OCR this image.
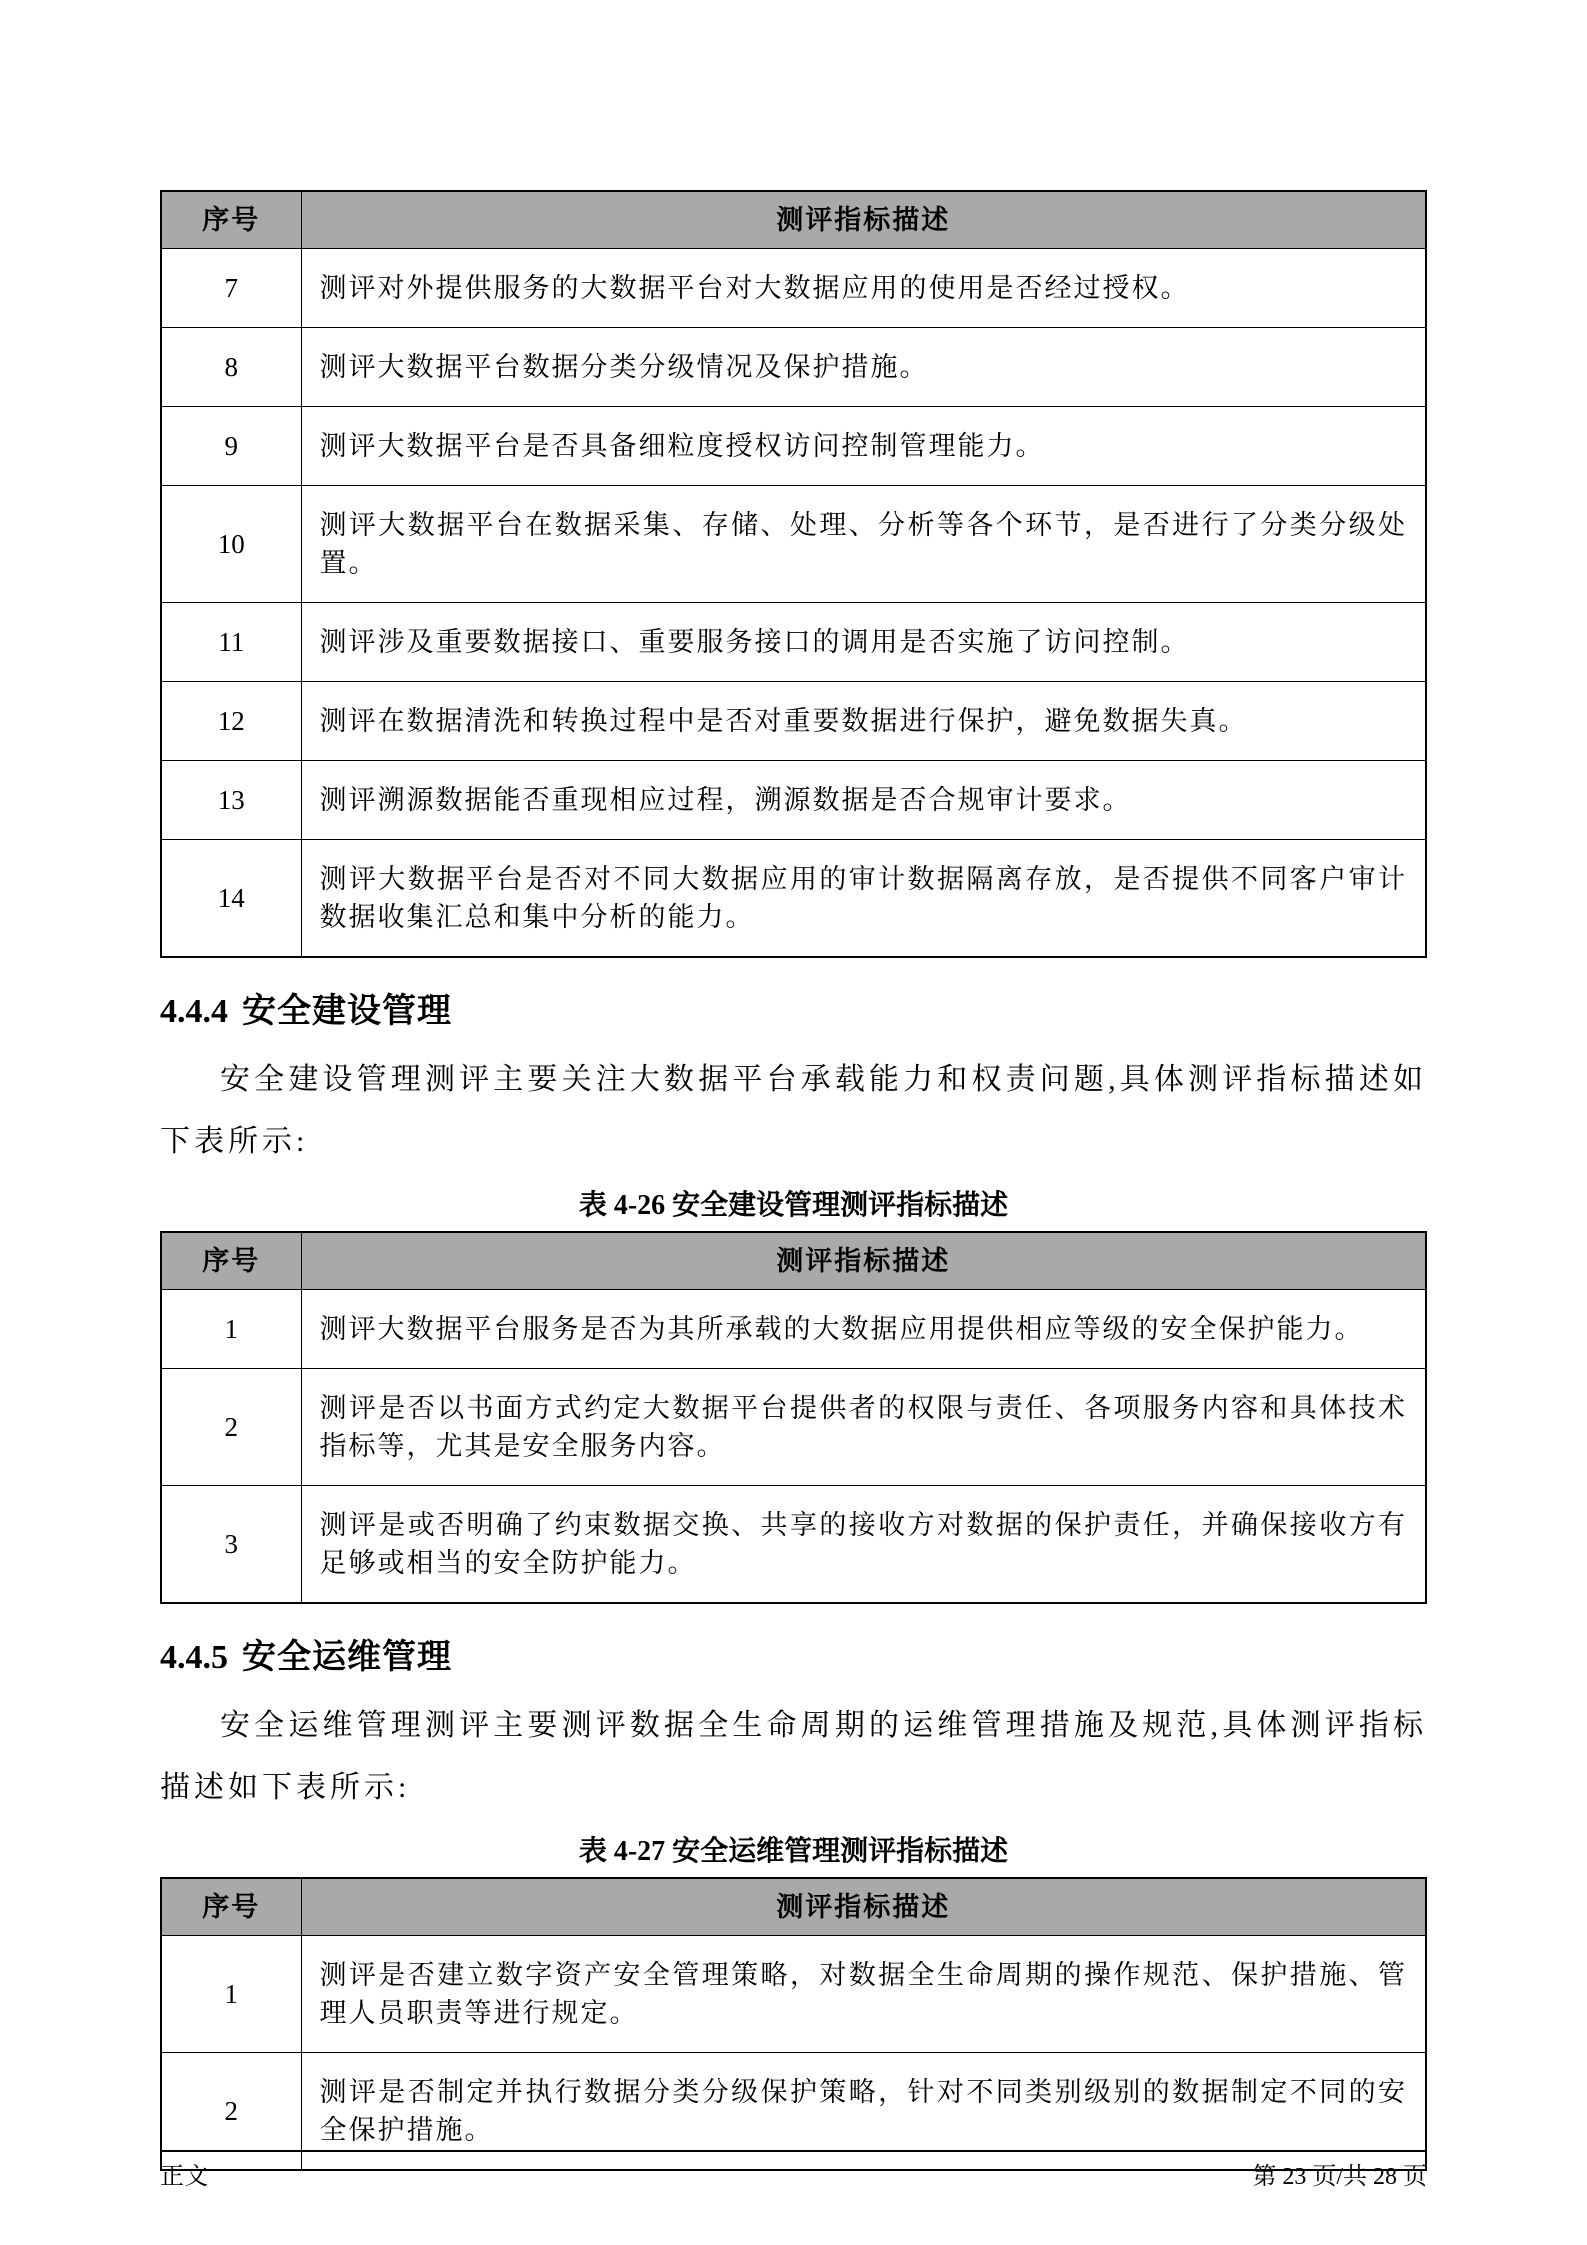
序号	测评指标描述
7	测评对外提供服务的大数据平台对大数据应用的使用是否经过授权。
8	测评大数据平台数据分类分级情况及保护措施。
9	测评大数据平台是否具备细粒度授权访问控制管理能力。
10	测评大数据平台在数据采集、存储、处理、分析等各个环节，是否进行了分类分级处置。
11	测评涉及重要数据接口、重要服务接口的调用是否实施了访问控制。
12	测评在数据清洗和转换过程中是否对重要数据进行保护，避免数据失真。
13	测评溯源数据能否重现相应过程，溯源数据是否合规审计要求。
14	测评大数据平台是否对不同大数据应用的审计数据隔离存放，是否提供不同客户审计数据收集汇总和集中分析的能力。
4.4.4 安全建设管理

安全建设管理测评主要关注大数据平台承载能力和权责问题,具体测评指标描述如下表所示:

表 4-26 安全建设管理测评指标描述
序号	测评指标描述
1	测评大数据平台服务是否为其所承载的大数据应用提供相应等级的安全保护能力。
2	测评是否以书面方式约定大数据平台提供者的权限与责任、各项服务内容和具体技术指标等，尤其是安全服务内容。
3	测评是或否明确了约束数据交换、共享的接收方对数据的保护责任，并确保接收方有足够或相当的安全防护能力。
4.4.5 安全运维管理

安全运维管理测评主要测评数据全生命周期的运维管理措施及规范,具体测评指标描述如下表所示:

表 4-27 安全运维管理测评指标描述
序号	测评指标描述
1	测评是否建立数字资产安全管理策略，对数据全生命周期的操作规范、保护措施、管理人员职责等进行规定。
2	测评是否制定并执行数据分类分级保护策略，针对不同类别级别的数据制定不同的安全保护措施。
正文	第 23 页/共 28 页
